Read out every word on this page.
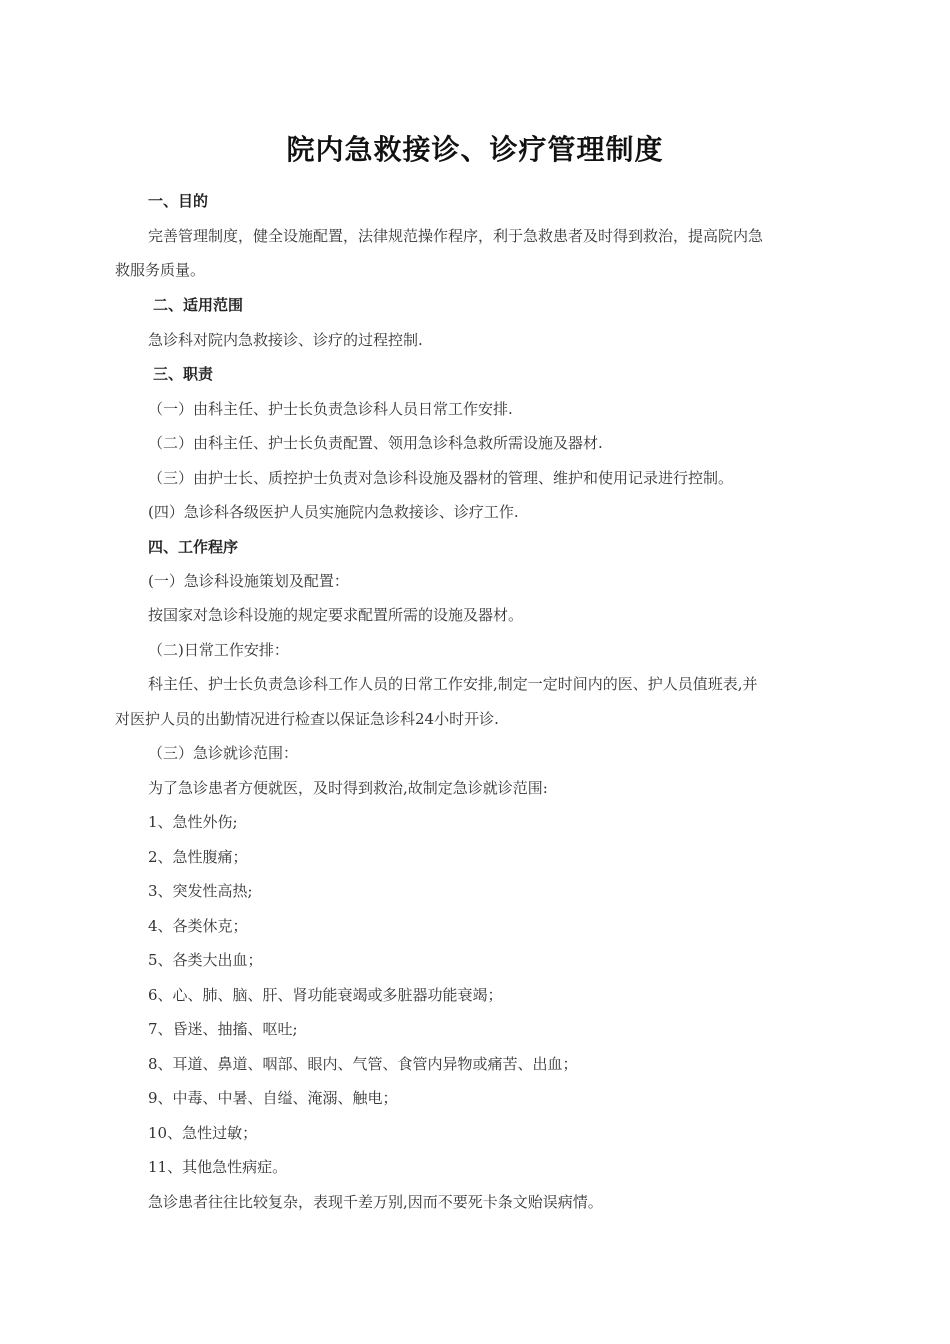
院内急救接诊、诊疗管理制度
一、目的
完善管理制度，健全设施配置，法律规范操作程序，利于急救患者及时得到救治，提高院内急
救服务质量。
二、适用范围
急诊科对院内急救接诊、诊疗的过程控制.
三、职责
（一）由科主任、护士长负责急诊科人员日常工作安排.
（二）由科主任、护士长负责配置、领用急诊科急救所需设施及器材.
（三）由护士长、质控护士负责对急诊科设施及器材的管理、维护和使用记录进行控制。
(四）急诊科各级医护人员实施院内急救接诊、诊疗工作.
四、工作程序
(一）急诊科设施策划及配置：
按国家对急诊科设施的规定要求配置所需的设施及器材。
（二)日常工作安排：
科主任、护士长负责急诊科工作人员的日常工作安排,制定一定时间内的医、护人员值班表,并
对医护人员的出勤情况进行检查以保证急诊科24小时开诊.
（三）急诊就诊范围：
为了急诊患者方便就医，及时得到救治,故制定急诊就诊范围:
1、急性外伤;
2、急性腹痛；
3、突发性高热;
4、各类休克；
5、各类大出血；
6、心、肺、脑、肝、肾功能衰竭或多脏器功能衰竭；
7、昏迷、抽搐、呕吐;
8、耳道、鼻道、咽部、眼内、气管、食管内异物或痛苦、出血；
9、中毒、中暑、自缢、淹溺、触电；
10、急性过敏；
11、其他急性病症。
急诊患者往往比较复杂，表现千差万别,因而不要死卡条文贻误病情。
